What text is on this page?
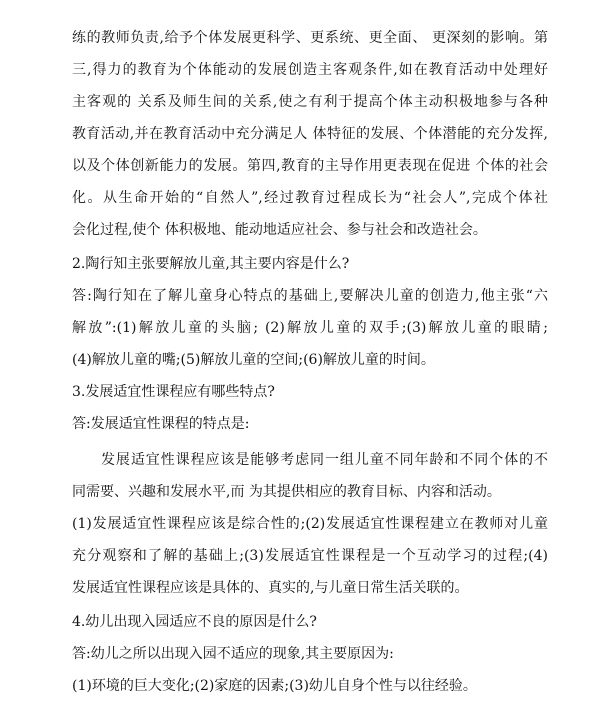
练的教师负责,给予个体发展更科学、更系统、更全面、 更深刻的影响。第
三,得力的教育为个体能动的发展创造主客观条件,如在教育活动中处理好
主客观的 关系及师生间的关系,使之有利于提高个体主动积极地参与各种
教育活动,并在教育活动中充分满足人 体特征的发展、个体潜能的充分发挥,
以及个体创新能力的发展。第四,教育的主导作用更表现在促进 个体的社会
化。从生命开始的“自然人”,经过教育过程成长为“社会人”,完成个体社
会化过程,使个 体积极地、能动地适应社会、参与社会和改造社会。
2.陶行知主张要解放儿童,其主要内容是什么?
答:陶行知在了解儿童身心特点的基础上,要解决儿童的创造力,他主张“六
解放”:(1)解放儿童的头脑; (2)解放儿童的双手;(3)解放儿童的眼睛;
(4)解放儿童的嘴;(5)解放儿童的空间;(6)解放儿童的时间。
3.发展适宜性课程应有哪些特点?
答:发展适宜性课程的特点是:
发展适宜性课程应该是能够考虑同一组儿童不同年龄和不同个体的不
同需要、兴趣和发展水平,而 为其提供相应的教育目标、内容和活动。
(1)发展适宜性课程应该是综合性的;(2)发展适宜性课程建立在教师对儿童
充分观察和了解的基础上;(3)发展适宜性课程是一个互动学习的过程;(4)
发展适宜性课程应该是具体的、真实的,与儿童日常生活关联的。
4.幼儿出现入园适应不良的原因是什么?
答:幼儿之所以出现入园不适应的现象,其主要原因为:
(1)环境的巨大变化;(2)家庭的因素;(3)幼儿自身个性与以往经验。
